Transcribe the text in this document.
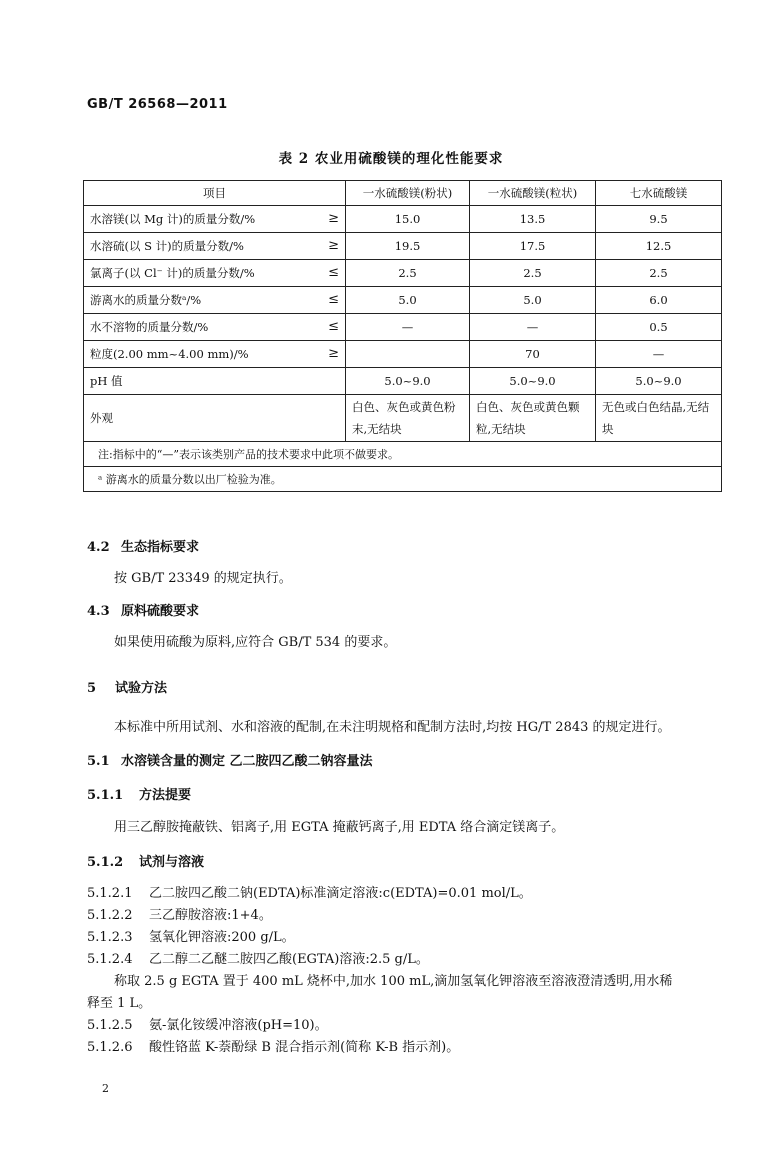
GB/T 26568—2011
表 2 农业用硫酸镁的理化性能要求
项目	一水硫酸镁(粉状)	一水硫酸镁(粒状)	七水硫酸镁

水溶镁(以 Mg 计)的质量分数/% ≥	15.0	13.5	9.5

水溶硫(以 S 计)的质量分数/% ≥	19.5	17.5	12.5

氯离子(以 Cl⁻ 计)的质量分数/% ≤	2.5	2.5	2.5

游离水的质量分数ᵃ/% ≤	5.0	5.0	6.0

水不溶物的质量分数/% ≤	—	—	0.5

粒度(2.00 mm~4.00 mm)/% ≥		70	—

pH 值	5.0~9.0	5.0~9.0	5.0~9.0

外观	白色、灰色或黄色粉末,无结块	白色、灰色或黄色颗粒,无结块	无色或白色结晶,无结块
注:指标中的“—”表示该类别产品的技术要求中此项不做要求。			
ᵃ 游离水的质量分数以出厂检验为准。			
4.2 生态指标要求
按 GB/T 23349 的规定执行。
4.3 原料硫酸要求
如果使用硫酸为原料,应符合 GB/T 534 的要求。
5 试验方法
本标准中所用试剂、水和溶液的配制,在未注明规格和配制方法时,均按 HG/T 2843 的规定进行。
5.1 水溶镁含量的测定 乙二胺四乙酸二钠容量法
5.1.1 方法提要
用三乙醇胺掩蔽铁、铝离子,用 EGTA 掩蔽钙离子,用 EDTA 络合滴定镁离子。
5.1.2 试剂与溶液
5.1.2.1 乙二胺四乙酸二钠(EDTA)标准滴定溶液:c(EDTA)=0.01 mol/L。
5.1.2.2 三乙醇胺溶液:1+4。
5.1.2.3 氢氧化钾溶液:200 g/L。
5.1.2.4 乙二醇二乙醚二胺四乙酸(EGTA)溶液:2.5 g/L。
称取 2.5 g EGTA 置于 400 mL 烧杯中,加水 100 mL,滴加氢氧化钾溶液至溶液澄清透明,用水稀
释至 1 L。
5.1.2.5 氨-氯化铵缓冲溶液(pH=10)。
5.1.2.6 酸性铬蓝 K-萘酚绿 B 混合指示剂(简称 K-B 指示剂)。
2
